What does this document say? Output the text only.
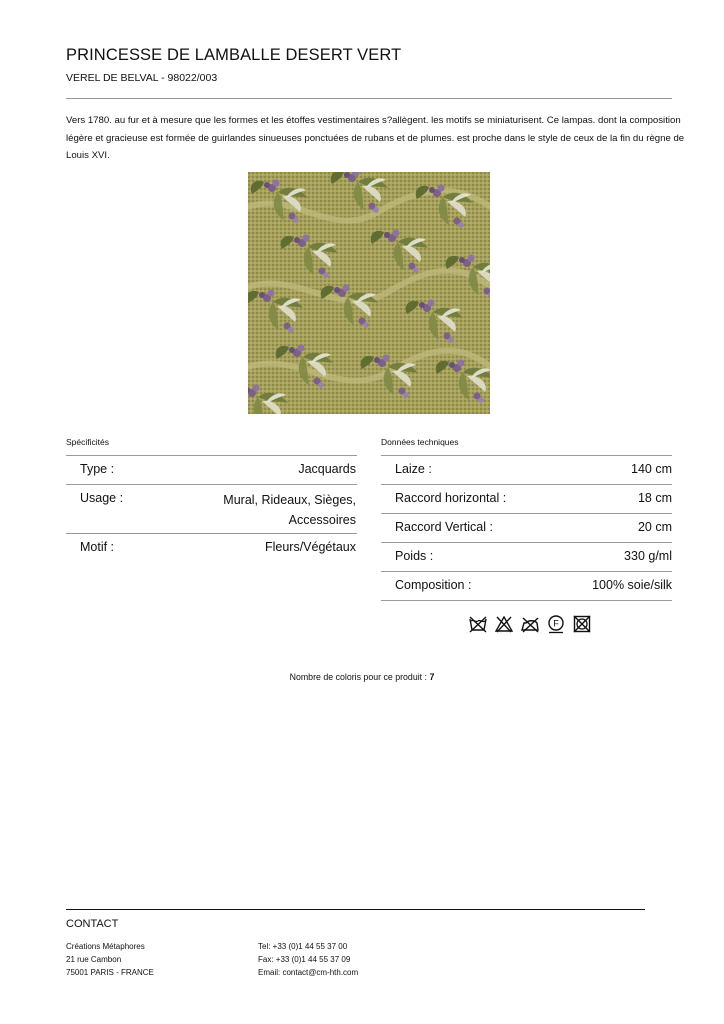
PRINCESSE DE LAMBALLE DESERT VERT
VEREL DE BELVAL - 98022/003
Vers 1780. au fur et à mesure que les formes et les étoffes vestimentaires s?allègent. les motifs se miniaturisent. Ce lampas. dont la composition légère et gracieuse est formée de guirlandes sinueuses ponctuées de rubans et de plumes. est proche dans le style de ceux de la fin du règne de Louis XVI.
Spécificités
Type :	Jacquards
Usage :	Mural, Rideaux, Sièges,
Accessoires
Motif :	Fleurs/Végétaux
Données techniques
Laize :	140 cm
Raccord horizontal :	18 cm
Raccord Vertical :	20 cm
Poids :	330 g/ml
Composition :	100% soie/silk
F
Nombre de coloris pour ce produit : 7
CONTACT
Créations Métaphores
21 rue Cambon
75001 PARIS - FRANCE
Tel: +33 (0)1 44 55 37 00
Fax: +33 (0)1 44 55 37 09
Email: contact@cm-hth.com
